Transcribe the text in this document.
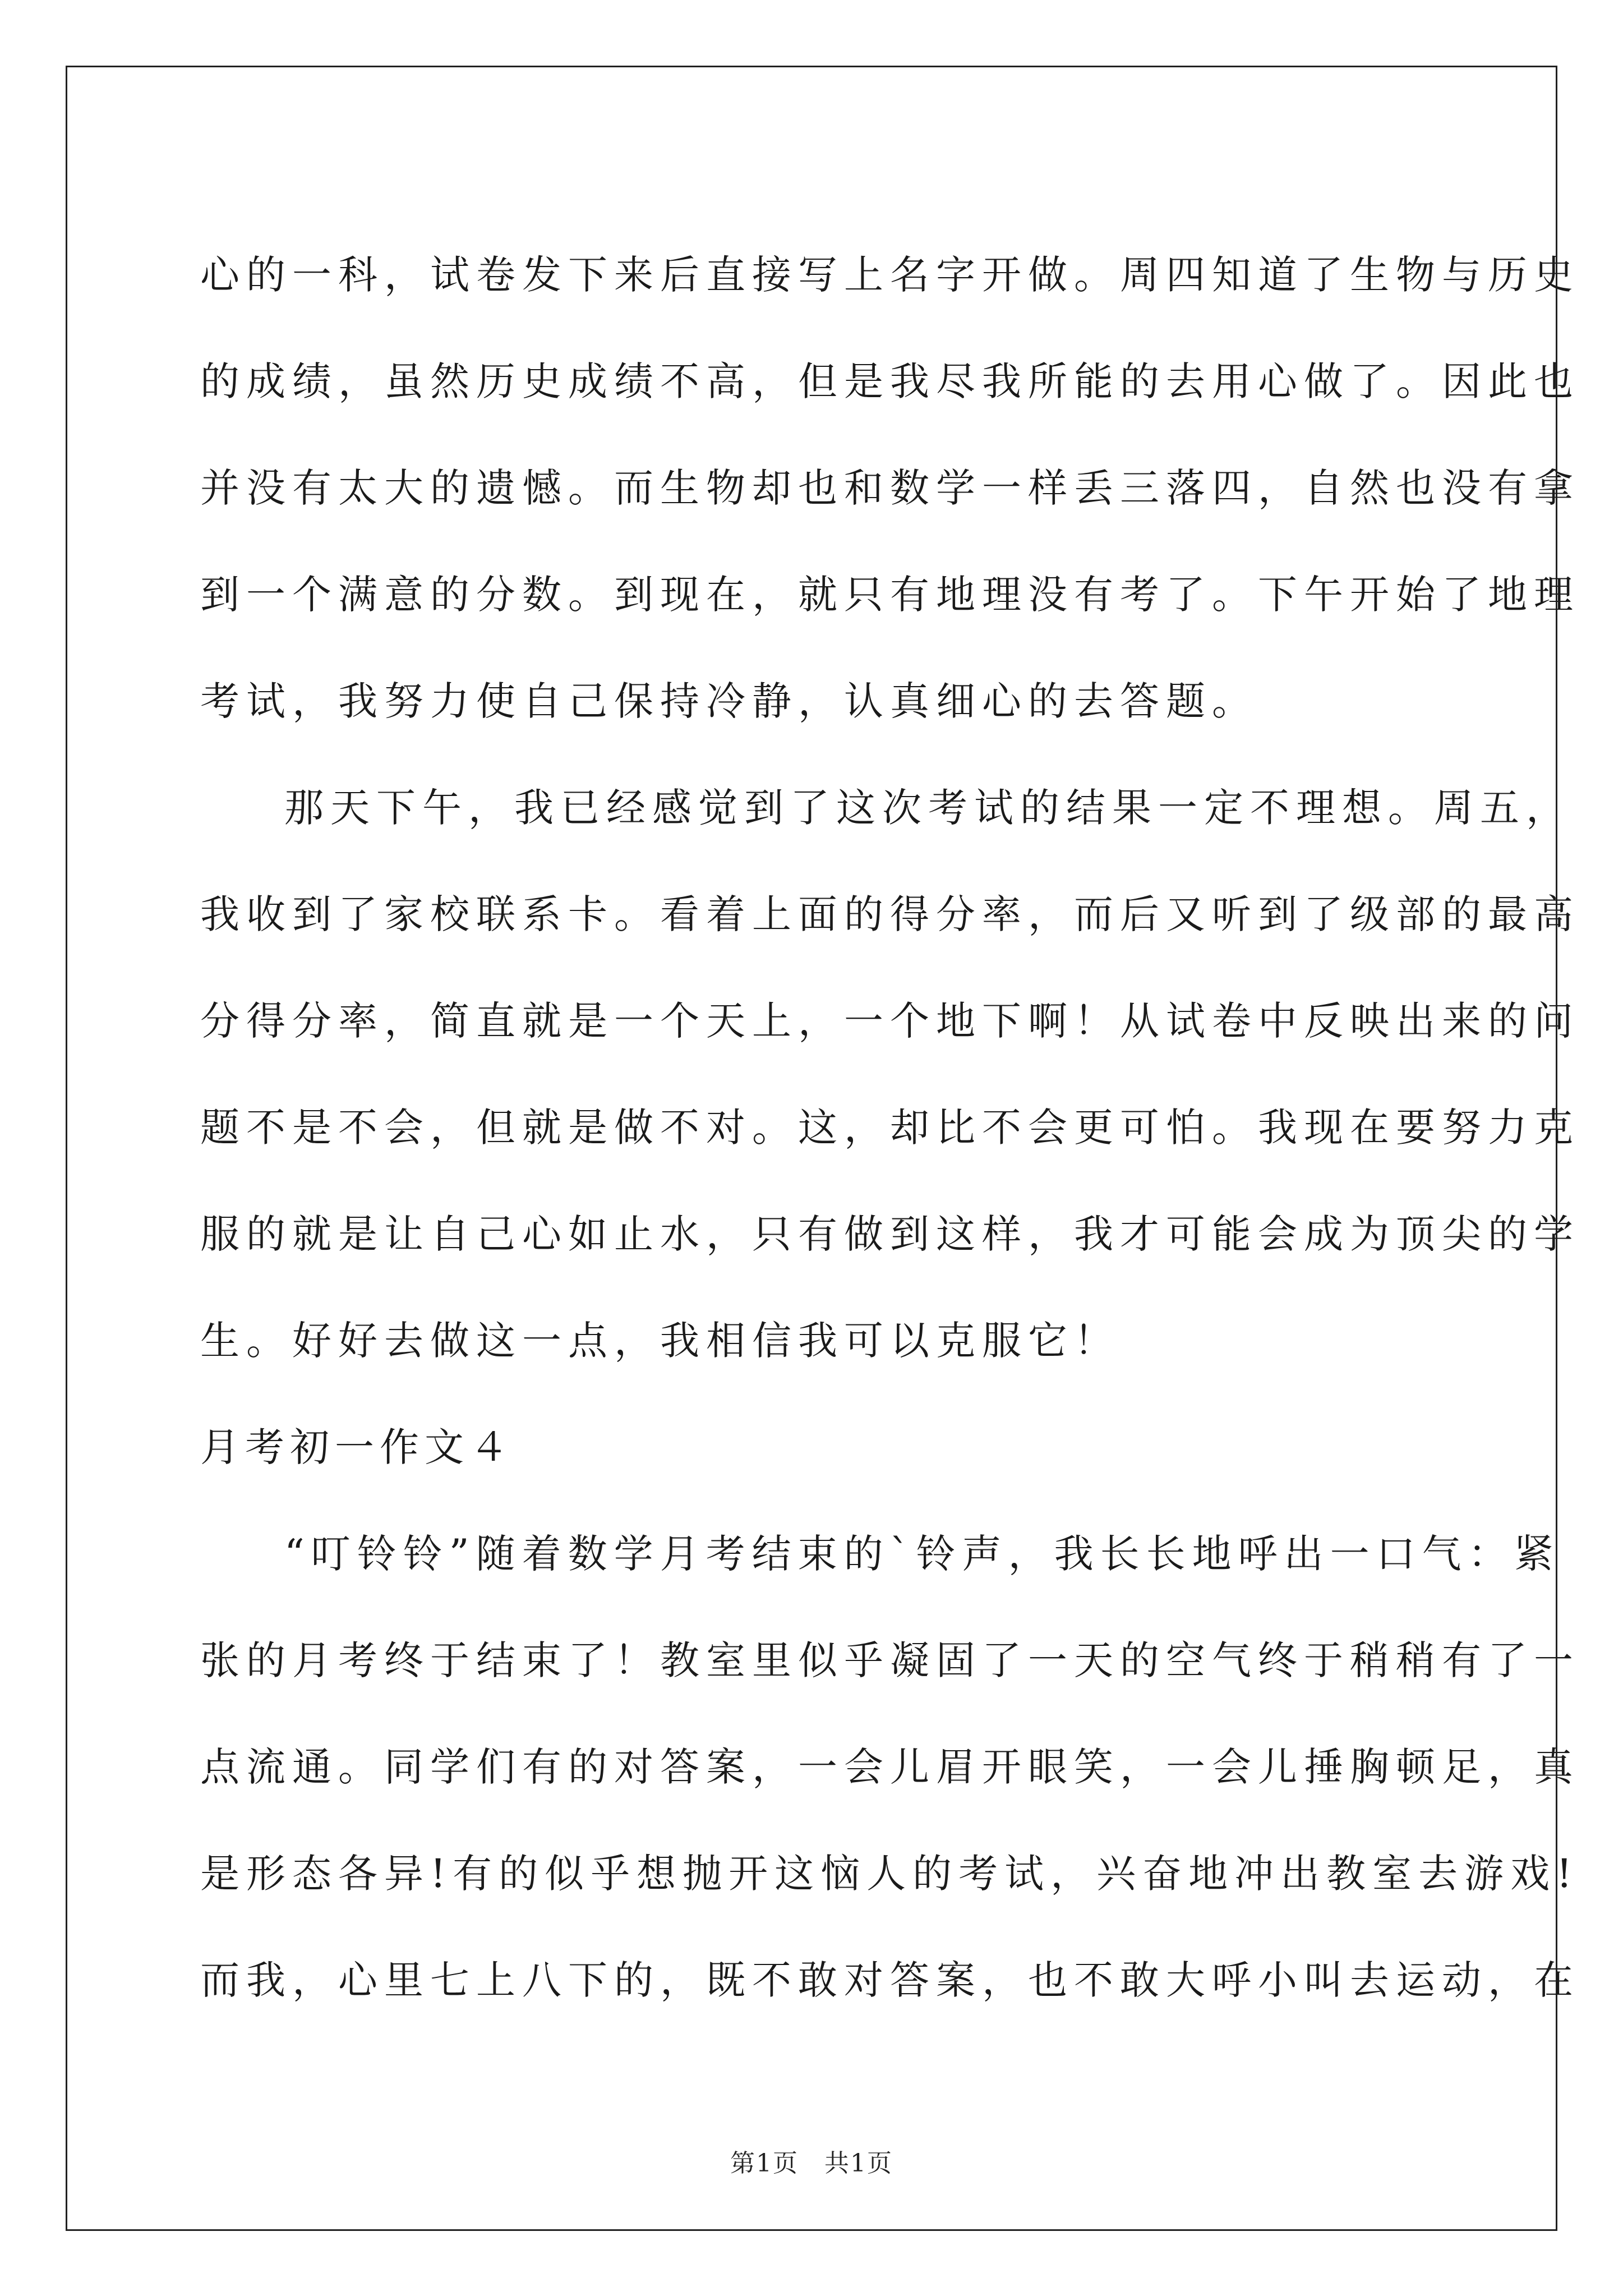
心的一科，试卷发下来后直接写上名字开做。周四知道了生物与历史
的成绩，虽然历史成绩不高，但是我尽我所能的去用心做了。因此也
并没有太大的遗憾。而生物却也和数学一样丢三落四，自然也没有拿
到一个满意的分数。到现在，就只有地理没有考了。下午开始了地理
考试，我努力使自己保持冷静，认真细心的去答题。
那天下午，我已经感觉到了这次考试的结果一定不理想。周五，
我收到了家校联系卡。看着上面的得分率，而后又听到了级部的最高
分得分率，简直就是一个天上，一个地下啊！从试卷中反映出来的问
题不是不会，但就是做不对。这，却比不会更可怕。我现在要努力克
服的就是让自己心如止水，只有做到这样，我才可能会成为顶尖的学
生。好好去做这一点，我相信我可以克服它！
月考初一作文４
“叮铃铃”随着数学月考结束的`铃声，我长长地呼出一口气：紧
张的月考终于结束了！教室里似乎凝固了一天的空气终于稍稍有了一
点流通。同学们有的对答案，一会儿眉开眼笑，一会儿捶胸顿足，真
是形态各异!有的似乎想抛开这恼人的考试，兴奋地冲出教室去游戏!
而我，心里七上八下的，既不敢对答案，也不敢大呼小叫去运动，在
第1页　共1页
